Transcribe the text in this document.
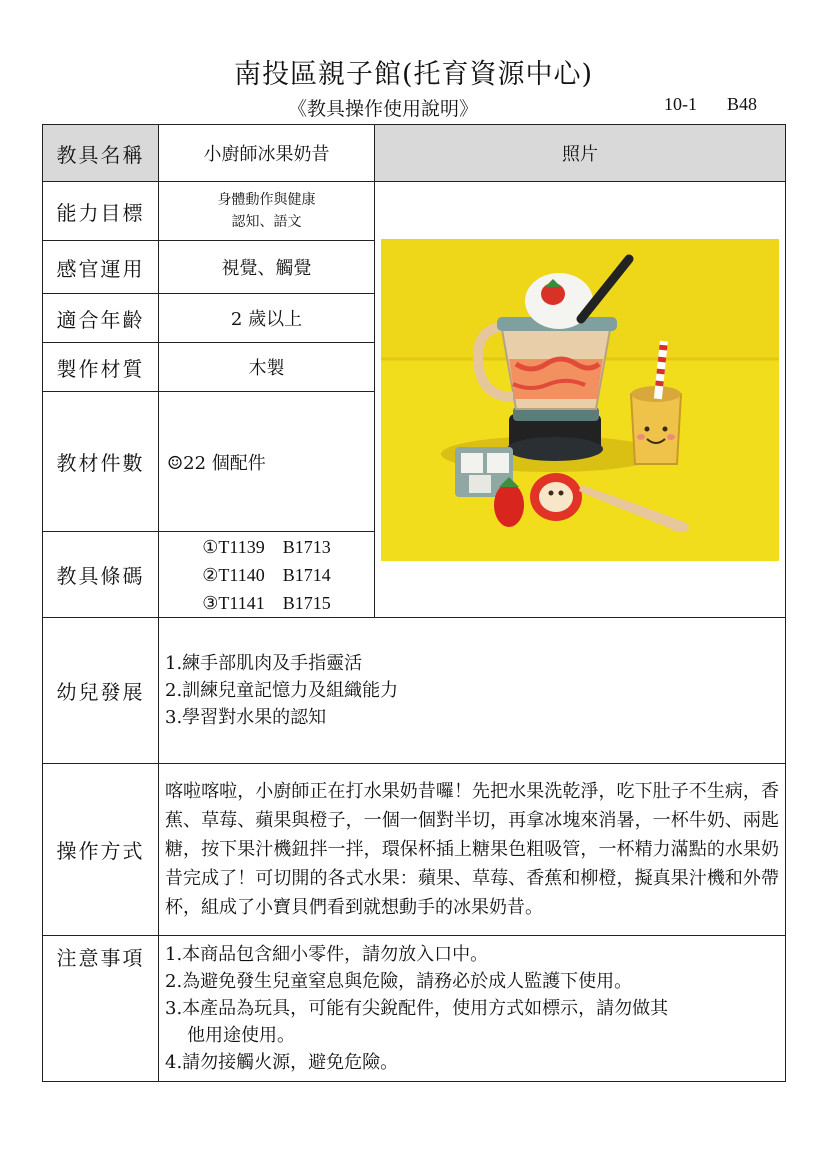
南投區親子館(托育資源中心)
《教具操作使用說明》	10-1 B48
教具名稱	小廚師冰果奶昔	照片	
能力目標	身體動作與健康
認知、語文

感官運用	視覺、觸覺		
適合年齡	2 歲以上		
製作材質	木製		
教材件數	☺22 個配件		
教具條碼	①T1139 B1713
②T1140 B1714
③T1141 B1715		

幼兒發展	1.練手部肌肉及手指靈活
2.訓練兒童記憶力及組織能力
3.學習對水果的認知		

操作方式	喀啦喀啦，小廚師正在打水果奶昔囉！先把水果洗乾淨，吃下肚子不生病，香蕉、草莓、蘋果與橙子，一個一個對半切，再拿冰塊來消暑，一杯牛奶、兩匙糖，按下果汁機鈕拌一拌，環保杯插上糖果色粗吸管，一杯精力滿點的水果奶昔完成了！可切開的各式水果：蘋果、草莓、香蕉和柳橙，擬真果汁機和外帶杯，組成了小寶貝們看到就想動手的冰果奶昔。		
注意事項	1.本商品包含細小零件，請勿放入口中。
2.為避免發生兒童窒息與危險，請務必於成人監護下使用。
3.本產品為玩具，可能有尖銳配件，使用方式如標示，請勿做其
他用途使用。
4.請勿接觸火源，避免危險。		
